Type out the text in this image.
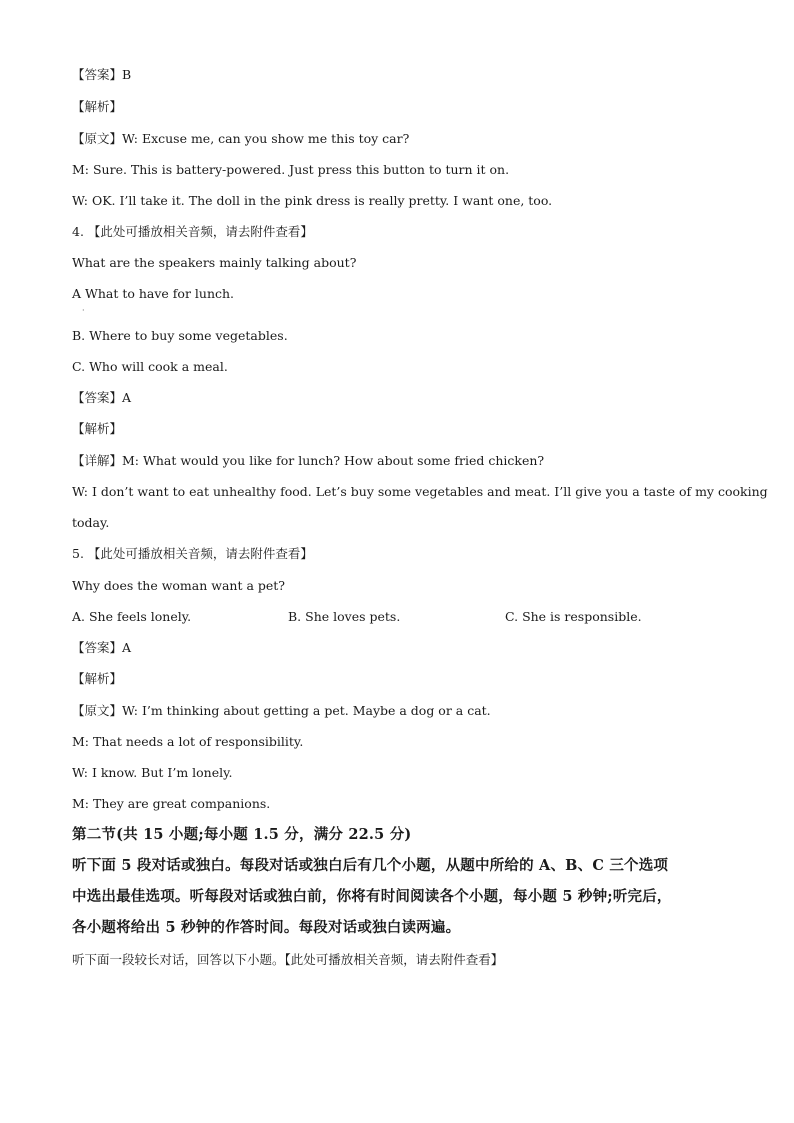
【答案】B
【解析】
【原文】W: Excuse me, can you show me this toy car?
M: Sure. This is battery-powered. Just press this button to turn it on.
W: OK. I’ll take it. The doll in the pink dress is really pretty. I want one, too.
4. 【此处可播放相关音频，请去附件查看】
What are the speakers mainly talking about?
A What to have for lunch.
·
B. Where to buy some vegetables.
C. Who will cook a meal.
【答案】A
【解析】
【详解】M: What would you like for lunch? How about some fried chicken?
W: I don’t want to eat unhealthy food. Let’s buy some vegetables and meat. I’ll give you a taste of my cooking
today.
5. 【此处可播放相关音频，请去附件查看】
Why does the woman want a pet?
A. She feels lonely.	B. She loves pets.	C. She is responsible.
【答案】A
【解析】
【原文】W: I’m thinking about getting a pet. Maybe a dog or a cat.
M: That needs a lot of responsibility.
W: I know. But I’m lonely.
M: They are great companions.
第二节(共 15 小题;每小题 1.5 分，满分 22.5 分)
听下面 5 段对话或独白。每段对话或独白后有几个小题，从题中所给的 A、B、C 三个选项
中选出最佳选项。听每段对话或独白前，你将有时间阅读各个小题，每小题 5 秒钟;听完后，
各小题将给出 5 秒钟的作答时间。每段对话或独白读两遍。
听下面一段较长对话，回答以下小题。【此处可播放相关音频，请去附件查看】
